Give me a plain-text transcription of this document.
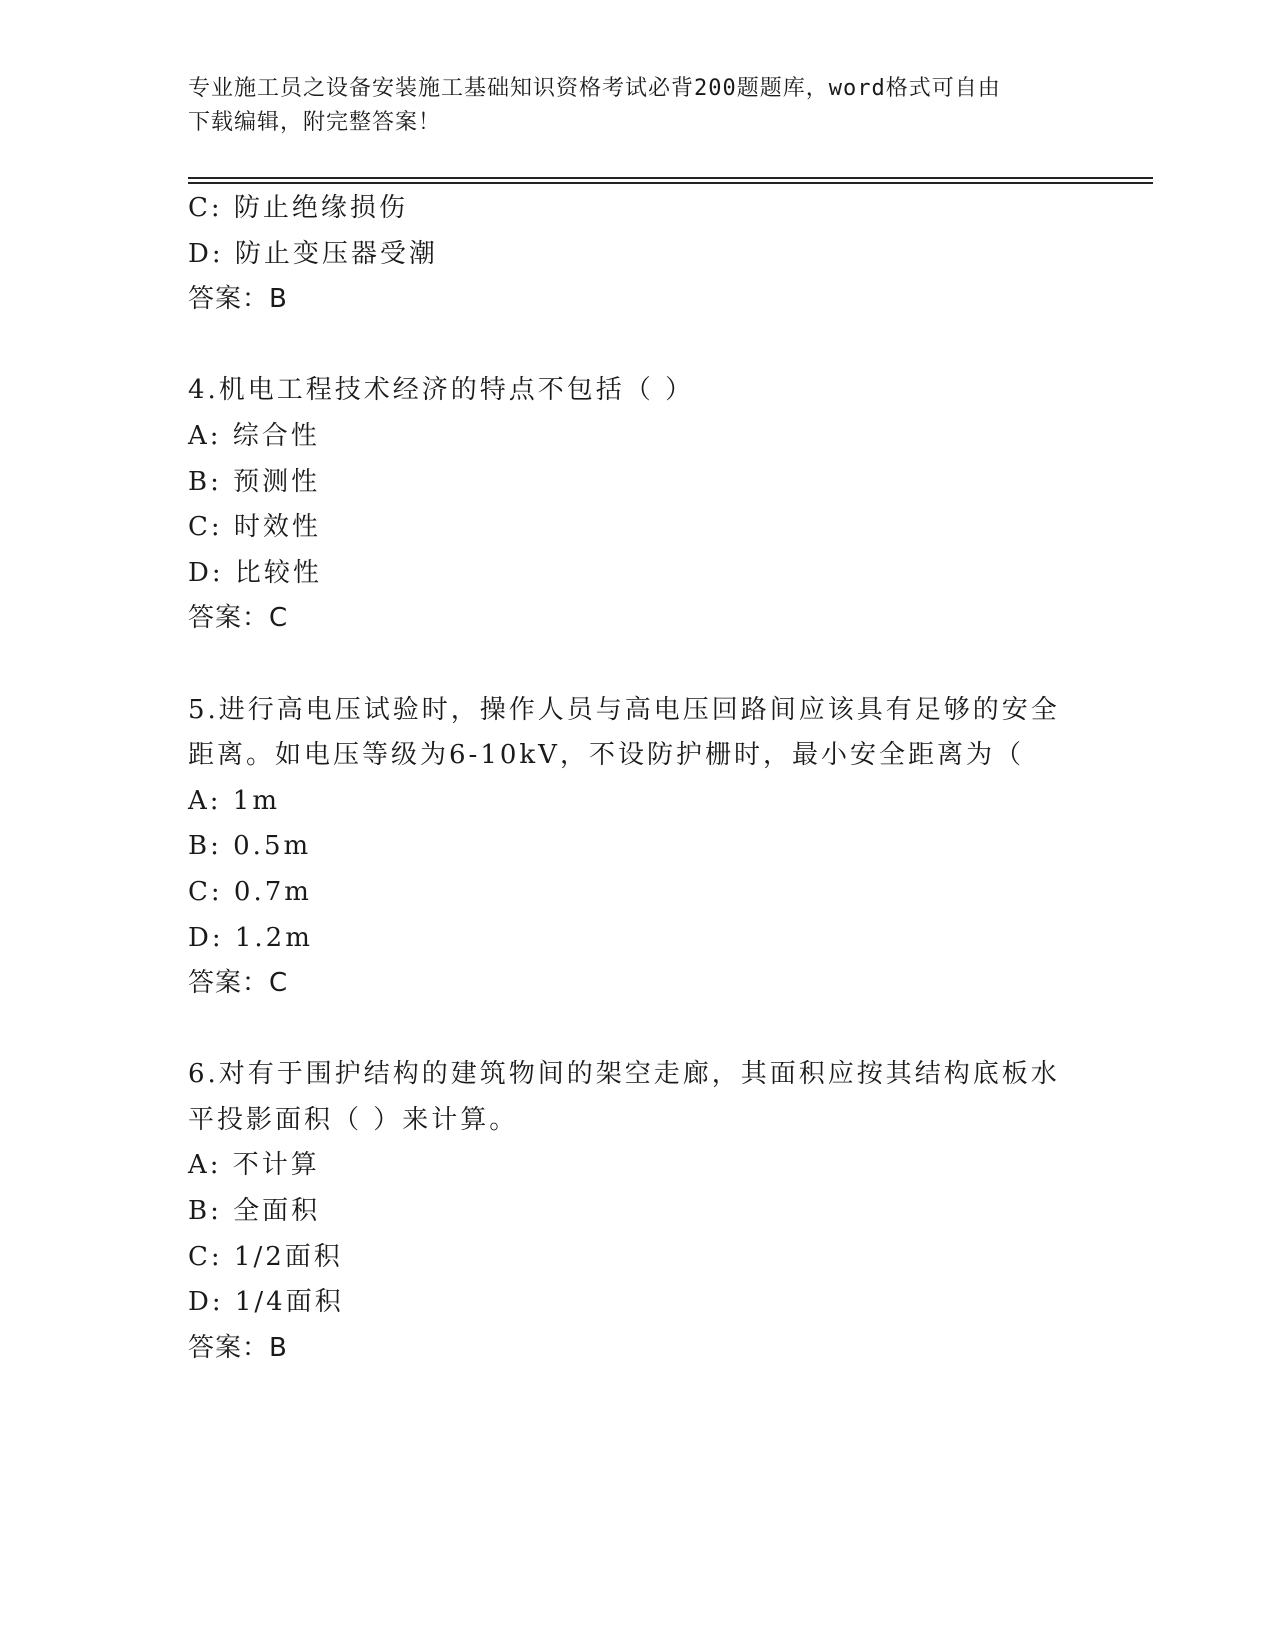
专业施工员之设备安装施工基础知识资格考试必背200题题库，word格式可自由
下载编辑，附完整答案！
C: 防止绝缘损伤
D: 防止变压器受潮
答案：B
4.机电工程技术经济的特点不包括（ ）
A: 综合性
B: 预测性
C: 时效性
D: 比较性
答案：C
5.进行高电压试验时，操作人员与高电压回路间应该具有足够的安全
距离。如电压等级为6-10kV，不设防护栅时，最小安全距离为（
A: 1m
B: 0.5m
C: 0.7m
D: 1.2m
答案：C
6.对有于围护结构的建筑物间的架空走廊，其面积应按其结构底板水
平投影面积（ ）来计算。
A: 不计算
B: 全面积
C: 1/2面积
D: 1/4面积
答案：B
